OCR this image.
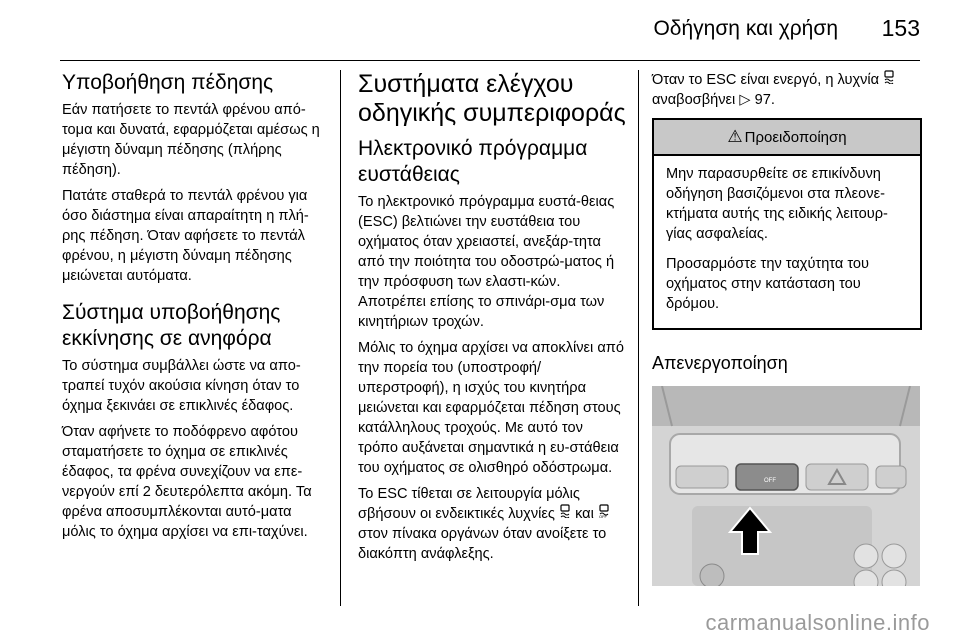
Οδήγηση και χρήση 153
Υποβοήθηση πέδησης

Εάν πατήσετε το πεντάλ φρένου από-τομα και δυνατά, εφαρμόζεται αμέσως η μέγιστη δύναμη πέδησης (πλήρης πέδηση).

Πατάτε σταθερά το πεντάλ φρένου για όσο διάστημα είναι απαραίτητη η πλή-ρης πέδηση. Όταν αφήσετε το πεντάλ φρένου, η μέγιστη δύναμη πέδησης μειώνεται αυτόματα.

Σύστημα υποβοήθησης εκκίνησης σε ανηφόρα

Το σύστημα συμβάλλει ώστε να απο-τραπεί τυχόν ακούσια κίνηση όταν το όχημα ξεκινάει σε επικλινές έδαφος.

Όταν αφήνετε το ποδόφρενο αφότου σταματήσετε το όχημα σε επικλινές έδαφος, τα φρένα συνεχίζουν να επε-νεργούν επί 2 δευτερόλεπτα ακόμη. Τα φρένα αποσυμπλέκονται αυτό-ματα μόλις το όχημα αρχίσει να επι-ταχύνει.

Συστήματα ελέγχου οδηγικής συμπεριφοράς
Ηλεκτρονικό πρόγραμμα ευστάθειας

Το ηλεκτρονικό πρόγραμμα ευστά-θειας (ESC) βελτιώνει την ευστάθεια του οχήματος όταν χρειαστεί, ανεξάρ-τητα από την ποιότητα του οδοστρώ-ματος ή την πρόσφυση των ελαστι-κών. Αποτρέπει επίσης το σπινάρι-σμα των κινητήριων τροχών.

Μόλις το όχημα αρχίσει να αποκλίνει από την πορεία του (υποστροφή/ υπερστροφή), η ισχύς του κινητήρα μειώνεται και εφαρμόζεται πέδηση στους κατάλληλους τροχούς. Με αυτό τον τρόπο αυξάνεται σημαντικά η ευ-στάθεια του οχήματος σε ολισθηρό οδόστρωμα.

Το ESC τίθεται σε λειτουργία μόλις σβήσουν οι ενδεικτικές λυχνίες και OFF
στον πίνακα οργάνων όταν ανοίξετε το διακόπτη ανάφλεξης.

Όταν το ESC είναι ενεργό, η λυχνία  αναβοσβήνει ▷ 97.

⚠ Προειδοποίηση

Μην παρασυρθείτε σε επικίνδυνη οδήγηση βασιζόμενοι στα πλεονε-κτήματα αυτής της ειδικής λειτουρ-γίας ασφαλείας.

Προσαρμόστε την ταχύτητα του οχήματος στην κατάσταση του δρόμου.

Απενεργοποίηση
OFF
carmanualsonline.info
